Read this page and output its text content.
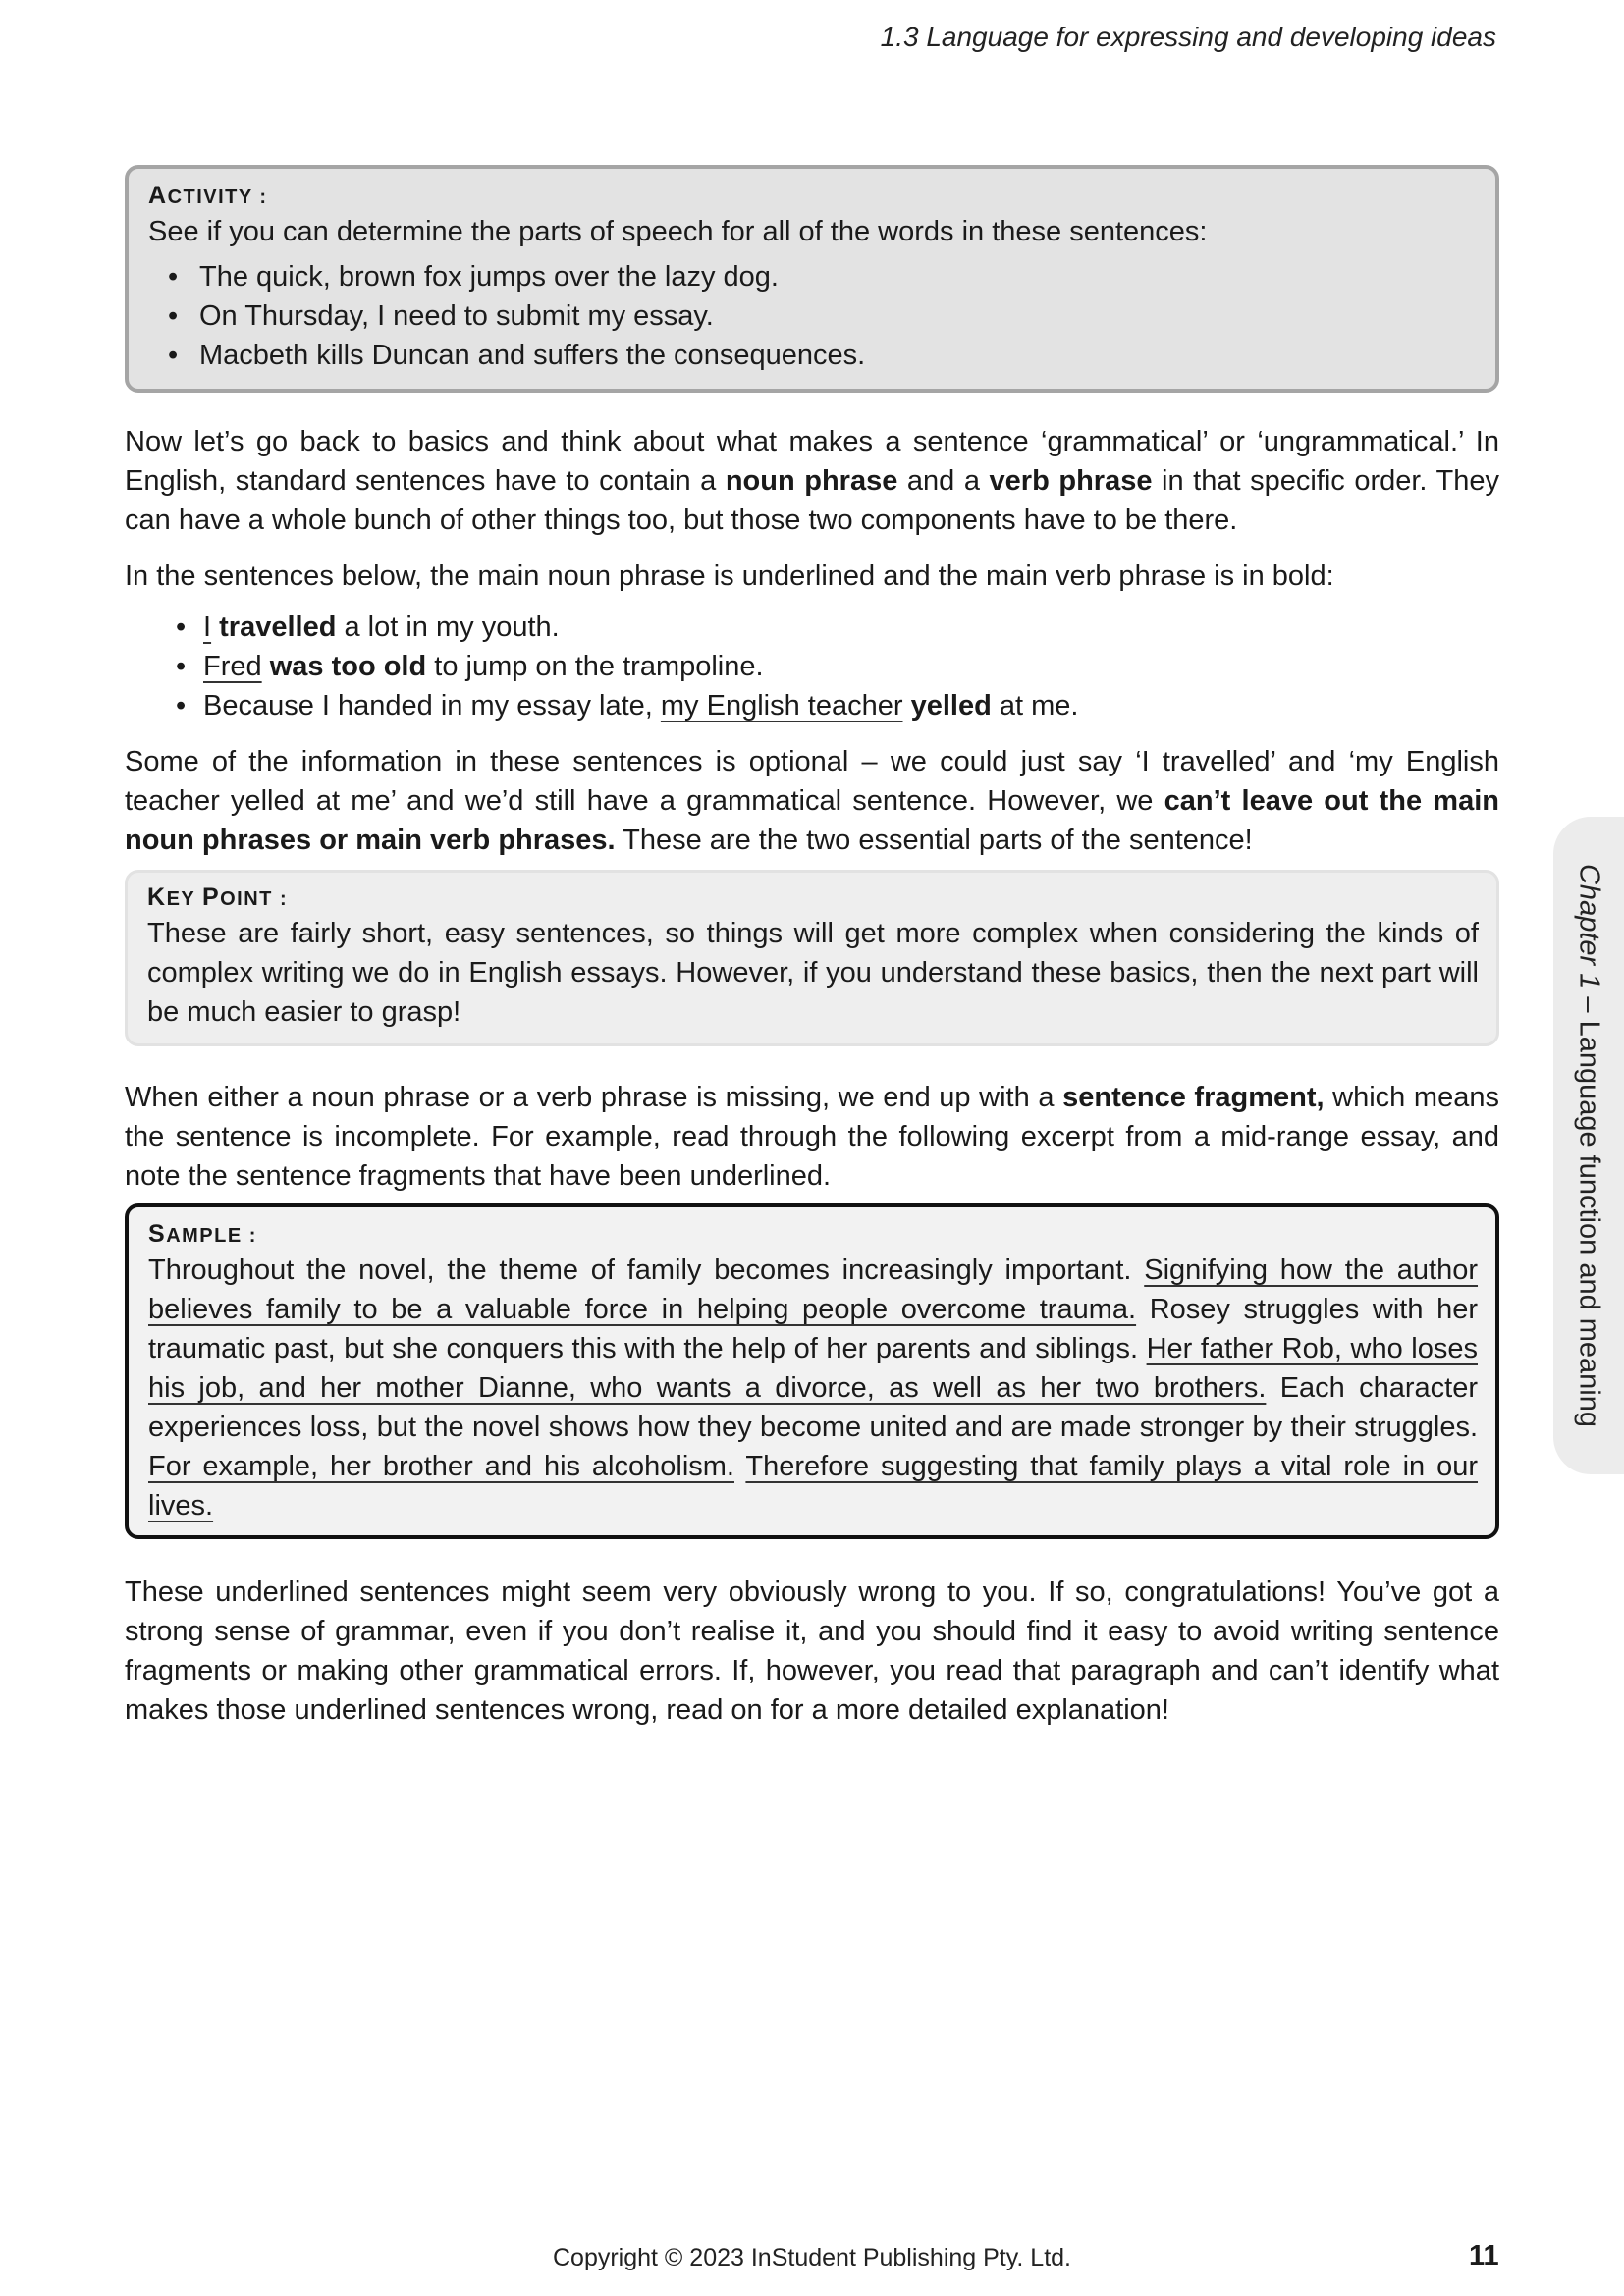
1.3 Language for expressing and developing ideas
ACTIVITY :

See if you can determine the parts of speech for all of the words in these sentences:

• The quick, brown fox jumps over the lazy dog.
• On Thursday, I need to submit my essay.
• Macbeth kills Duncan and suffers the consequences.

Now let’s go back to basics and think about what makes a sentence ‘grammatical’ or ‘ungrammatical.’ In English, standard sentences have to contain a noun phrase and a verb phrase in that specific order. They can have a whole bunch of other things too, but those two components have to be there.

In the sentences below, the main noun phrase is underlined and the main verb phrase is in bold:

• I travelled a lot in my youth.
• Fred was too old to jump on the trampoline.
• Because I handed in my essay late, my English teacher yelled at me.

Some of the information in these sentences is optional – we could just say ‘I travelled’ and ‘my English teacher yelled at me’ and we’d still have a grammatical sentence. However, we can’t leave out the main noun phrases or main verb phrases. These are the two essential parts of the sentence!

KEY POINT :

These are fairly short, easy sentences, so things will get more complex when considering the kinds of complex writing we do in English essays. However, if you understand these basics, then the next part will be much easier to grasp!

When either a noun phrase or a verb phrase is missing, we end up with a sentence fragment, which means the sentence is incomplete. For example, read through the following excerpt from a mid-range essay, and note the sentence fragments that have been underlined.

SAMPLE :

Throughout the novel, the theme of family becomes increasingly important. Signifying how the author believes family to be a valuable force in helping people overcome trauma. Rosey struggles with her traumatic past, but she conquers this with the help of her parents and siblings. Her father Rob, who loses his job, and her mother Dianne, who wants a divorce, as well as her two brothers. Each character experiences loss, but the novel shows how they become united and are made stronger by their struggles. For example, her brother and his alcoholism. Therefore suggesting that family plays a vital role in our lives.

These underlined sentences might seem very obviously wrong to you. If so, congratulations! You’ve got a strong sense of grammar, even if you don’t realise it, and you should find it easy to avoid writing sentence fragments or making other grammatical errors. If, however, you read that paragraph and can’t identify what makes those underlined sentences wrong, read on for a more detailed explanation!

Chapter 1 – Language function and meaning
Copyright © 2023 InStudent Publishing Pty. Ltd.	11
